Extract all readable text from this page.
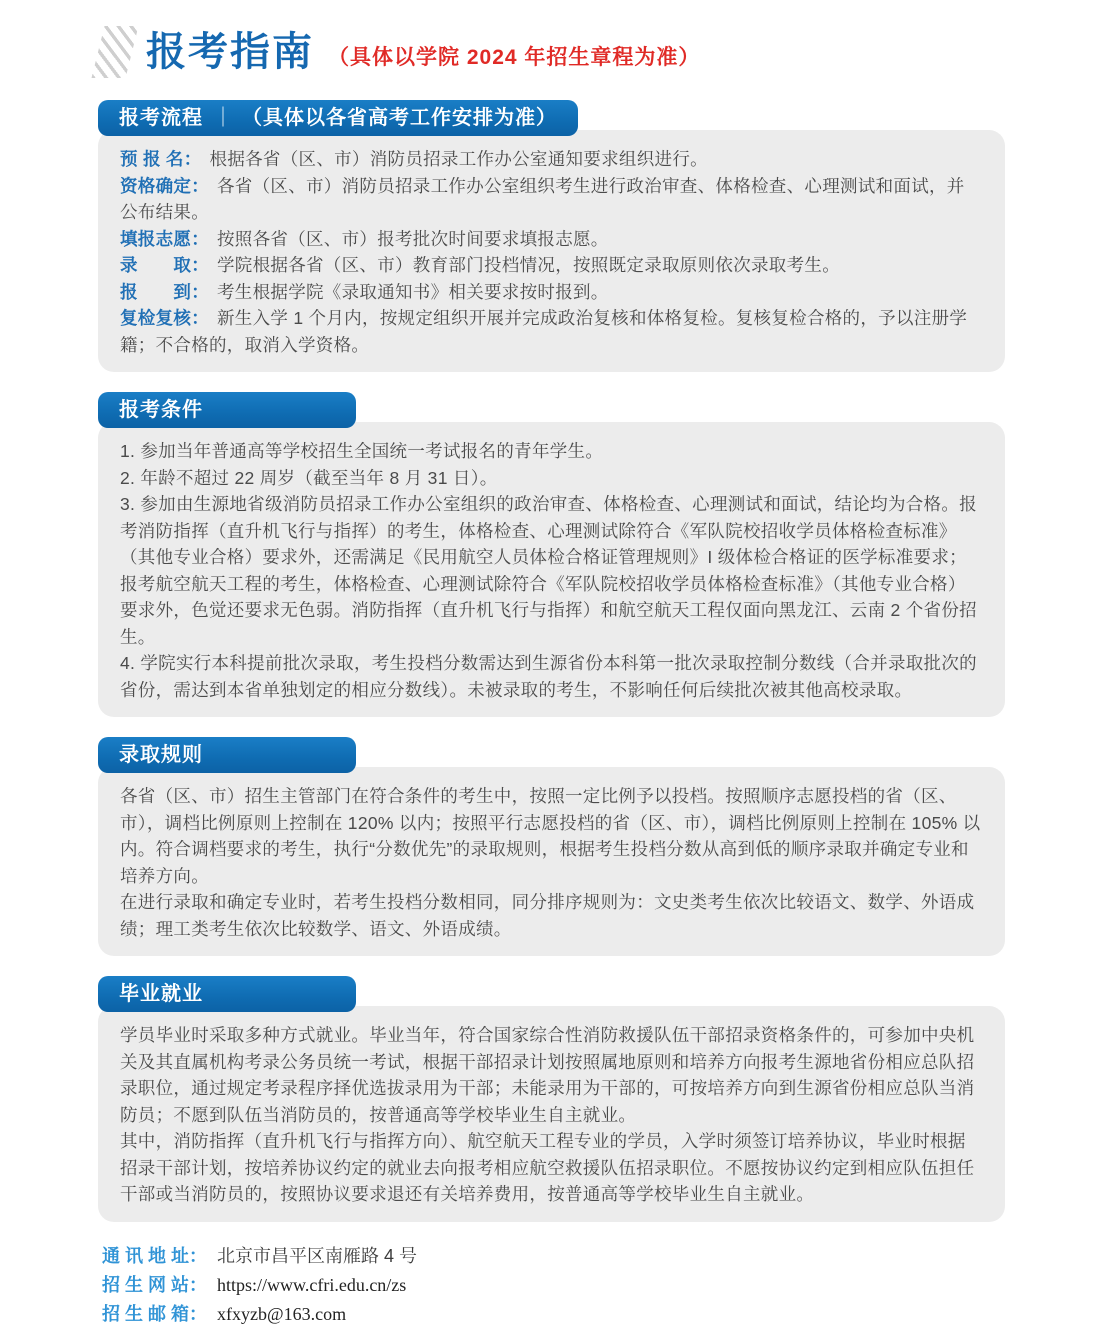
报考指南 （具体以学院 2024 年招生章程为准）
报考流程 ｜ （具体以各省高考工作安排为准）

预 报 名： 根据各省（区、市）消防员招录工作办公室通知要求组织进行。

资格确定： 各省（区、市）消防员招录工作办公室组织考生进行政治审查、体格检查、心理测试和面试，并公布结果。

填报志愿： 按照各省（区、市）报考批次时间要求填报志愿。

录　　取： 学院根据各省（区、市）教育部门投档情况，按照既定录取原则依次录取考生。

报　　到： 考生根据学院《录取通知书》相关要求按时报到。

复检复核： 新生入学 1 个月内，按规定组织开展并完成政治复核和体格复检。复核复检合格的，予以注册学籍；不合格的，取消入学资格。

报考条件

1. 参加当年普通高等学校招生全国统一考试报名的青年学生。

2. 年龄不超过 22 周岁（截至当年 8 月 31 日）。

3. 参加由生源地省级消防员招录工作办公室组织的政治审查、体格检查、心理测试和面试，结论均为合格。报考消防指挥（直升机飞行与指挥）的考生，体格检查、心理测试除符合《军队院校招收学员体格检查标准》（其他专业合格）要求外，还需满足《民用航空人员体检合格证管理规则》I 级体检合格证的医学标准要求；报考航空航天工程的考生，体格检查、心理测试除符合《军队院校招收学员体格检查标准》（其他专业合格）要求外，色觉还要求无色弱。消防指挥（直升机飞行与指挥）和航空航天工程仅面向黑龙江、云南 2 个省份招生。

4. 学院实行本科提前批次录取，考生投档分数需达到生源省份本科第一批次录取控制分数线（合并录取批次的省份，需达到本省单独划定的相应分数线）。未被录取的考生，不影响任何后续批次被其他高校录取。

录取规则

各省（区、市）招生主管部门在符合条件的考生中，按照一定比例予以投档。按照顺序志愿投档的省（区、市），调档比例原则上控制在 120% 以内；按照平行志愿投档的省（区、市），调档比例原则上控制在 105% 以内。符合调档要求的考生，执行“分数优先”的录取规则，根据考生投档分数从高到低的顺序录取并确定专业和培养方向。

在进行录取和确定专业时，若考生投档分数相同，同分排序规则为：文史类考生依次比较语文、数学、外语成绩；理工类考生依次比较数学、语文、外语成绩。

毕业就业

学员毕业时采取多种方式就业。毕业当年，符合国家综合性消防救援队伍干部招录资格条件的，可参加中央机关及其直属机构考录公务员统一考试，根据干部招录计划按照属地原则和培养方向报考生源地省份相应总队招录职位，通过规定考录程序择优选拔录用为干部；未能录用为干部的，可按培养方向到生源省份相应总队当消防员；不愿到队伍当消防员的，按普通高等学校毕业生自主就业。

其中，消防指挥（直升机飞行与指挥方向）、航空航天工程专业的学员，入学时须签订培养协议，毕业时根据招录干部计划，按培养协议约定的就业去向报考相应航空救援队伍招录职位。不愿按协议约定到相应队伍担任干部或当消防员的，按照协议要求退还有关培养费用，按普通高等学校毕业生自主就业。

通 讯 地 址： 北京市昌平区南雁路 4 号
招 生 网 站： https://www.cfri.edu.cn/zs
招 生 邮 箱： xfxyzb@163.com
